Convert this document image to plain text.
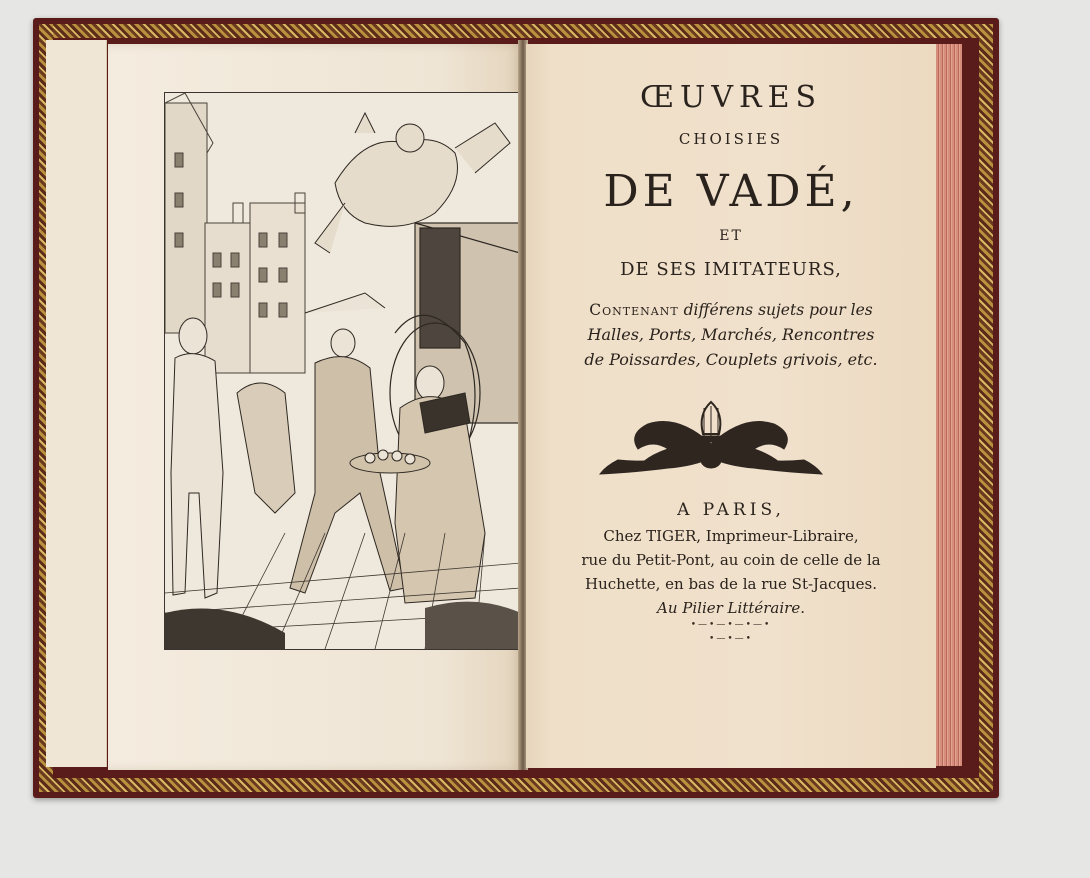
ŒUVRES
CHOISIES
DE VADÉ,
ET
DE SES IMITATEURS,
Contenant différens sujets pour les
Halles, Ports, Marchés, Rencontres
de Poissardes, Couplets grivois, etc.
A PARIS,
Chez TIGER, Imprimeur-Libraire,
rue du Petit-Pont, au coin de celle de la
Huchette, en bas de la rue St-Jacques.
Au Pilier Littéraire.
•—•—•—•—•
•—•—•
